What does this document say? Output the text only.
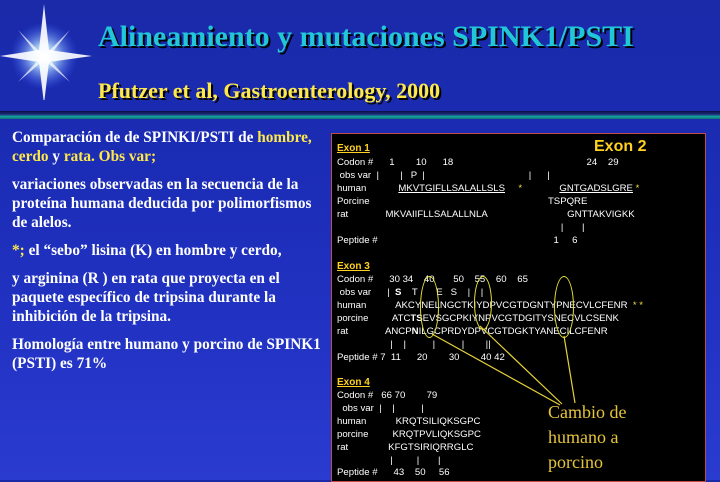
Alineamiento y mutaciones SPINK1/PSTI
Pfutzer et al, Gastroenterology, 2000

Comparación de de SPINKI/PSTI de hombre, cerdo y rata. Obs var;

variaciones observadas en la secuencia de la proteína humana deducida por polimorfismos de alelos.

*; el “sebo” lisina (K) en hombre y cerdo,

y arginina (R ) en rata que proyecta en el paquete específico de tripsina durante la inhibición de la tripsina.

Homología entre humano y porcino de SPINK1 (PSTI) es 71%

Exon 2
Exon 1
Codon #      1        10      18                                                  24    29
obs var  |        |   P  |                                       |      |
human	MKVTGIFLLSALALLSLS     *	GNTGADSLGRE *
Porcine                                                                   TSPQRE
rat              MKVAIIFLLSALALLNLA                              GNTTAKVIGKK
|       |
Peptide #                                                                  1     6
Exon 3
Codon #      30 34    40       50    55    60    65
obs var      |  S    T       E   S    |    |
human           AKCYNELNGCTKIYDPVCGTDGNTYPNECVLCFENR  * *
porcine         ATCTSEVSGCPKIYNPVCGTDGITYSNECVLCSENK
rat              ANCPNILGCPRDYDPVCGTDGKTYANECILCFENR
|    |          |          |        ||
Peptide # 7  11      20        30        40 42
Exon 4
Codon #   66 70        79
obs var  |    |          |
human           KRQTSILIQKSGPC
porcine         KRQTPVLIQKSGPC
rat               KFGTSIRIQRRGLC
|         |       |
Peptide #      43    50     56
Cambio de
humano a
porcino
